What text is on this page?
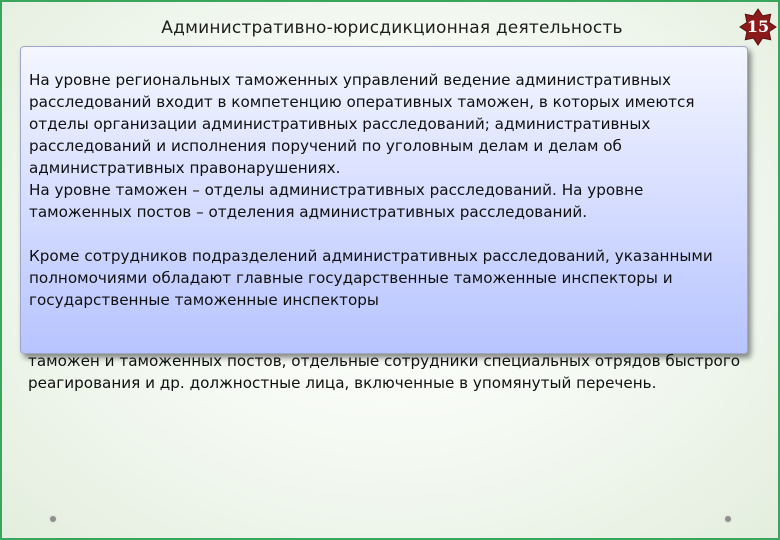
Административно-юрисдикционная деятельность	15

На уровне региональных таможенных управлений ведение административных расследований входит в компетенцию оперативных таможен, в которых имеются отделы организации административных расследований; административных расследований и исполнения поручений по уголовным делам и делам об административных правонарушениях.

На уровне таможен – отделы административных расследований. На уровне таможенных постов – отделения административных расследований.

Кроме сотрудников подразделений административных расследований, указанными полномочиями обладают главные государственные таможенные инспекторы и государственные таможенные инспекторы

таможен и таможенных постов, отдельные сотрудники специальных отрядов быстрого реагирования и др. должностные лица, включенные в упомянутый перечень.
